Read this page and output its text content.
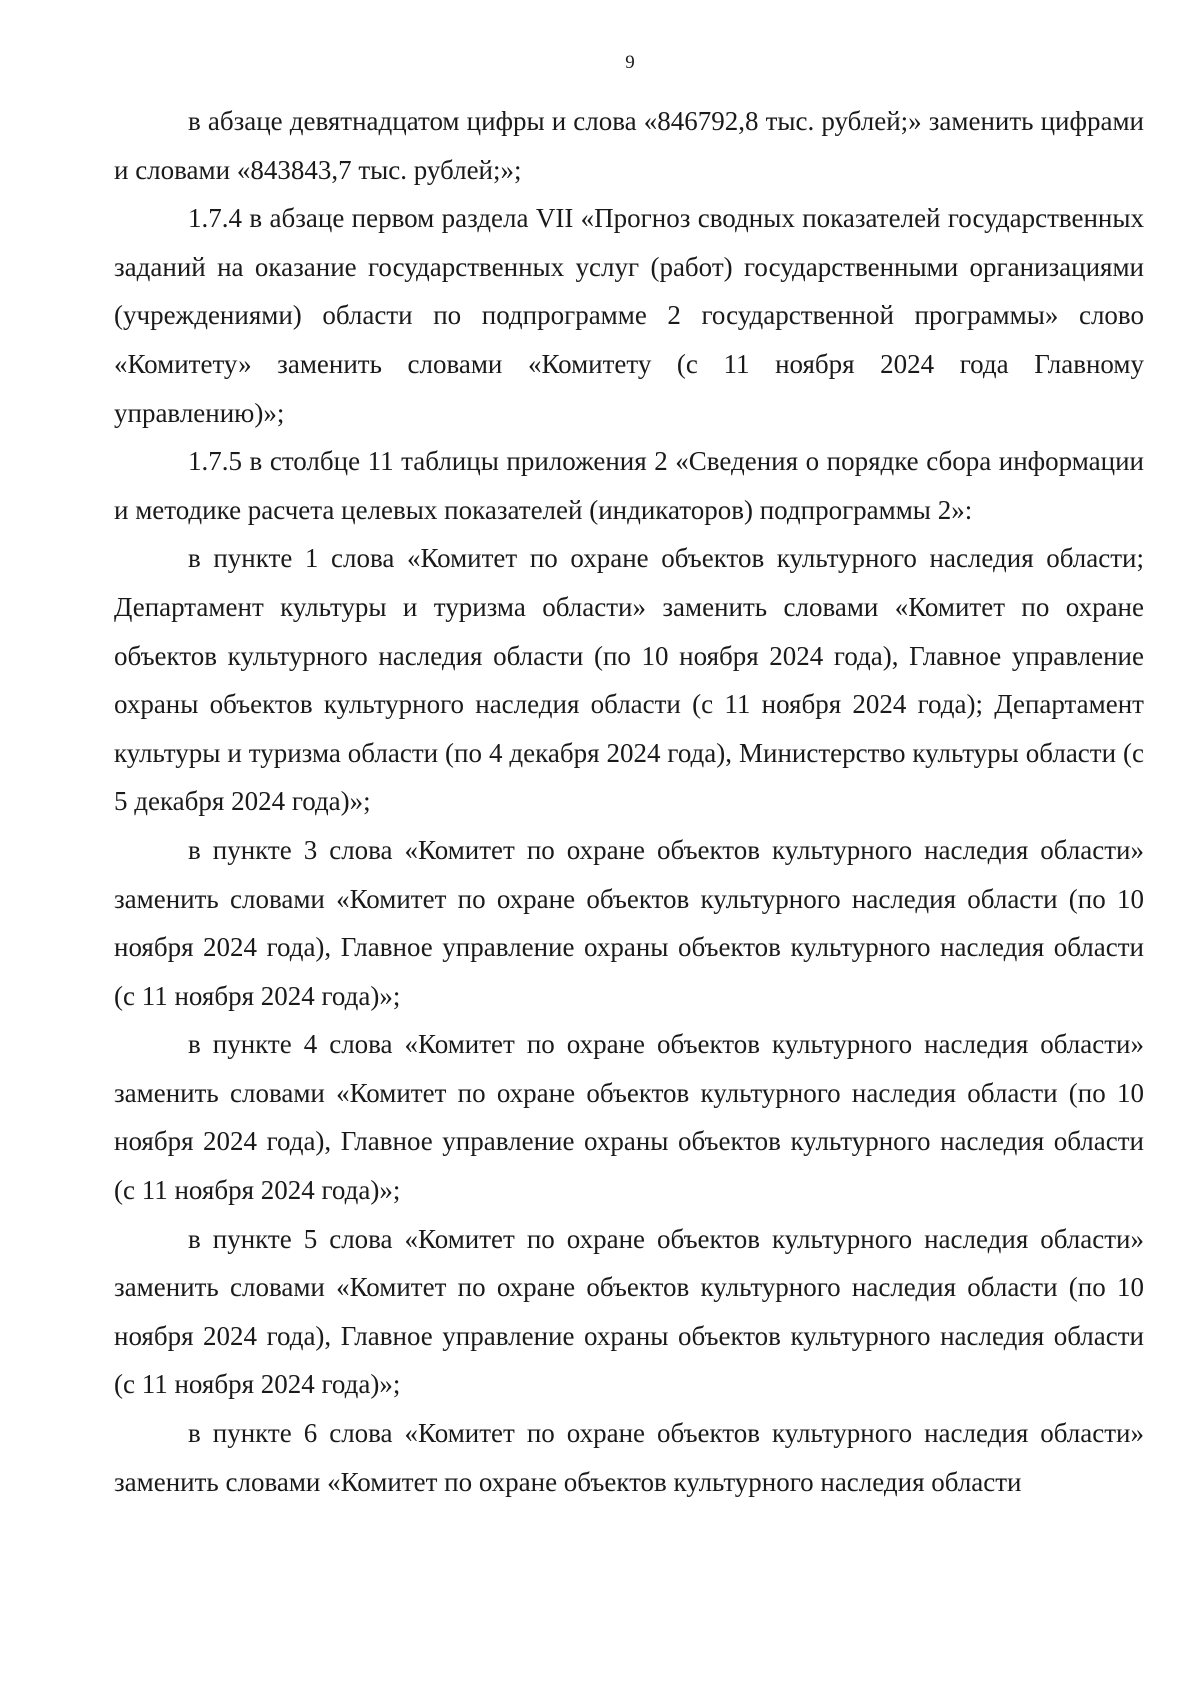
9

в абзаце девятнадцатом цифры и слова «846792,8 тыс. рублей;» заменить цифрами и словами «843843,7 тыс. рублей;»;

1.7.4 в абзаце первом раздела VII «Прогноз сводных показателей государственных заданий на оказание государственных услуг (работ) государственными организациями (учреждениями) области по подпрограмме 2 государственной программы» слово «Комитету» заменить словами «Комитету (с 11 ноября 2024 года Главному управлению)»;

1.7.5 в столбце 11 таблицы приложения 2 «Сведения о порядке сбора информации и методике расчета целевых показателей (индикаторов) подпрограммы 2»:

в пункте 1 слова «Комитет по охране объектов культурного наследия области; Департамент культуры и туризма области» заменить словами «Комитет по охране объектов культурного наследия области (по 10 ноября 2024 года), Главное управление охраны объектов культурного наследия области (с 11 ноября 2024 года); Департамент культуры и туризма области (по 4 декабря 2024 года), Министерство культуры области (с 5 декабря 2024 года)»;

в пункте 3 слова «Комитет по охране объектов культурного наследия области» заменить словами «Комитет по охране объектов культурного наследия области (по 10 ноября 2024 года), Главное управление охраны объектов культурного наследия области (с 11 ноября 2024 года)»;

в пункте 4 слова «Комитет по охране объектов культурного наследия области» заменить словами «Комитет по охране объектов культурного наследия области (по 10 ноября 2024 года), Главное управление охраны объектов культурного наследия области (с 11 ноября 2024 года)»;

в пункте 5 слова «Комитет по охране объектов культурного наследия области» заменить словами «Комитет по охране объектов культурного наследия области (по 10 ноября 2024 года), Главное управление охраны объектов культурного наследия области (с 11 ноября 2024 года)»;

в пункте 6 слова «Комитет по охране объектов культурного наследия области» заменить словами «Комитет по охране объектов культурного наследия области
